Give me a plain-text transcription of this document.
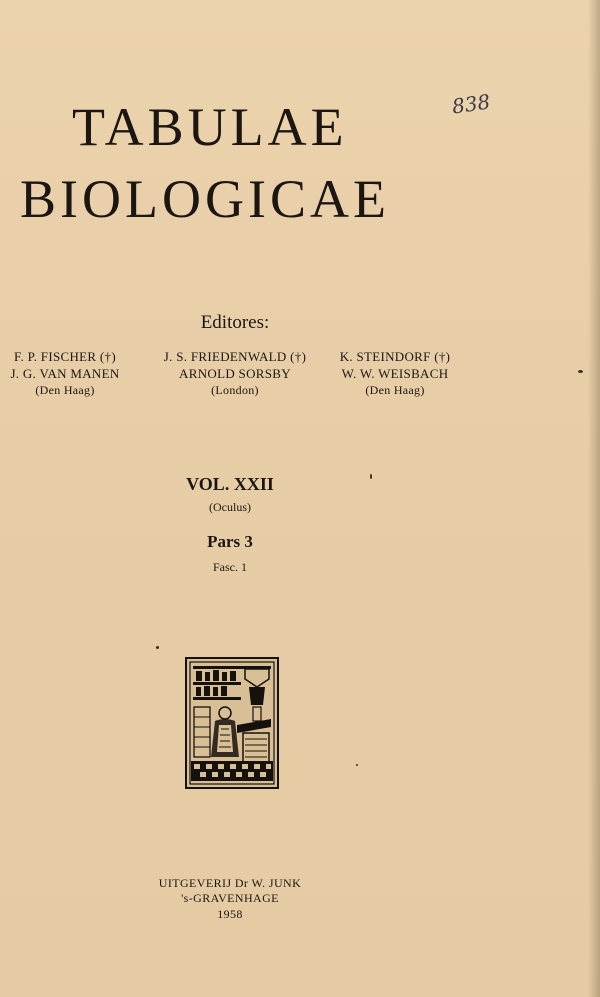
TABULAE
BIOLOGICAE
838
Editores:
F. P. FISCHER (†)
J. G. VAN MANEN
(Den Haag)
J. S. FRIEDENWALD (†)
ARNOLD SORSBY
(London)
K. STEINDORF (†)
W. W. WEISBACH
(Den Haag)
VOL. XXII
(Oculus)
Pars 3
Fasc. 1
UITGEVERIJ Dr W. JUNK
's-GRAVENHAGE
1958
